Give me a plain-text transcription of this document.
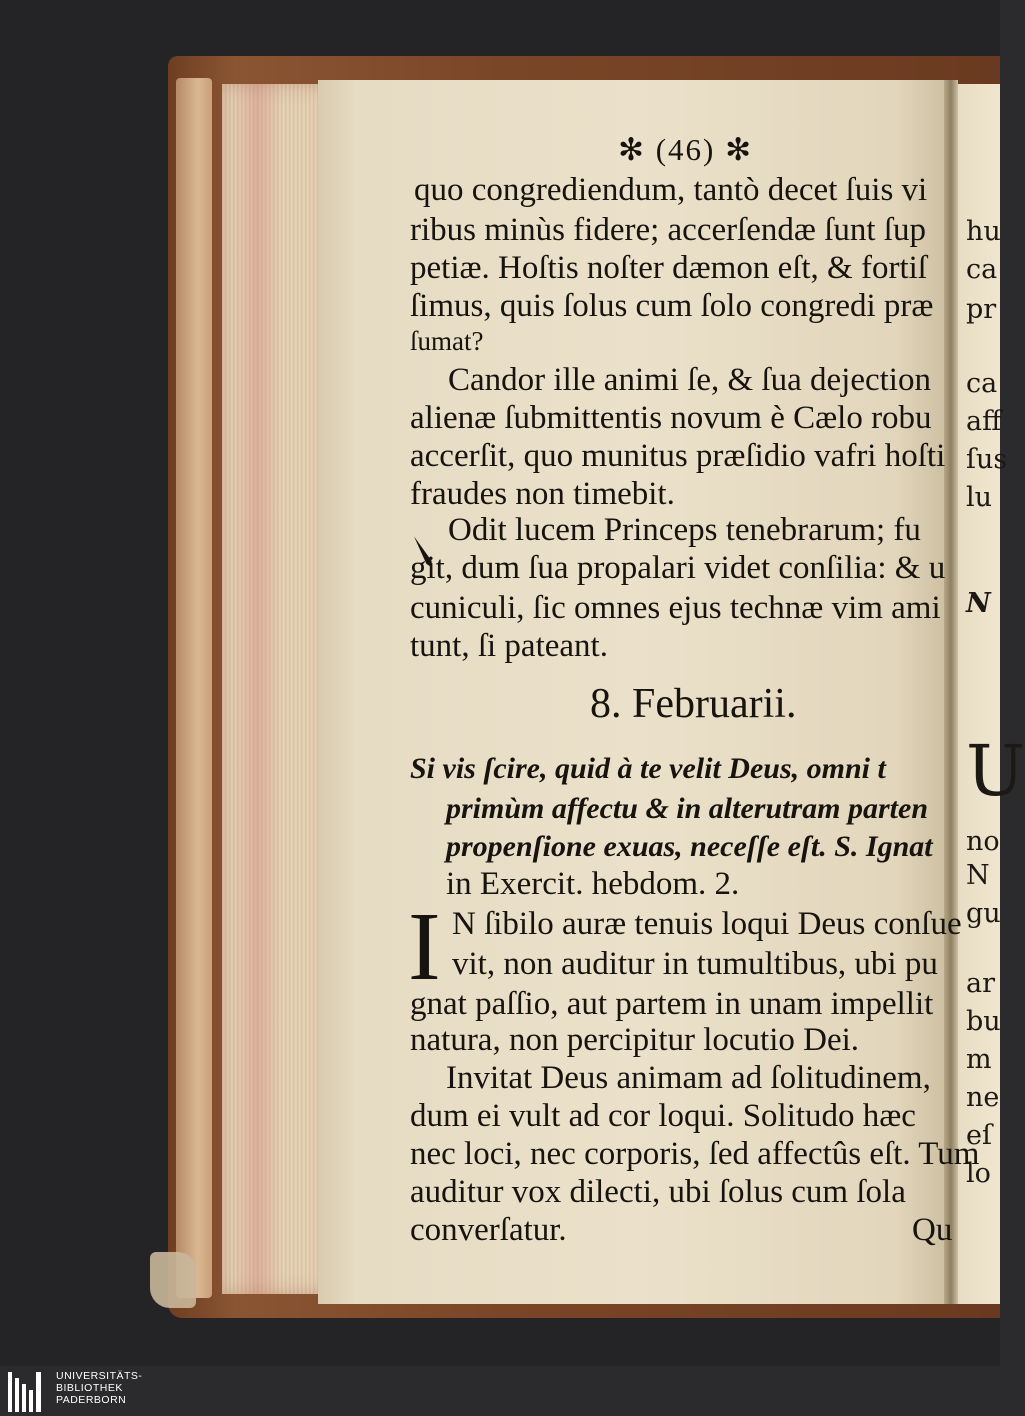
hu
ca
pr
ca
aff
ſus
lu
N
U
no
N
gu
ar
bu
m
ne
eſ
lo
✻ (46) ✻
quo congrediendum, tantò decet ſuis vi
ribus minùs fidere; accerſendæ ſunt ſup
petiæ. Hoſtis noſter dæmon eſt, & fortiſ
ſimus, quis ſolus cum ſolo congredi præ
ſumat?
Candor ille animi ſe, & ſua dejection
alienæ ſubmittentis novum è Cælo robu
accerſit, quo munitus præſidio vafri hoſti
fraudes non timebit.
Odit lucem Princeps tenebrarum; fu
git, dum ſua propalari videt conſilia: & u
cuniculi, ſic omnes ejus technæ vim ami
tunt, ſi pateant.
8. Februarii.
Si vis ſcire, quid à te velit Deus, omni t
primùm affectu & in alterutram parten
propenſione exuas, neceſſe eſt. S. Ignat
in Exercit. hebdom. 2.
I N ſibilo auræ tenuis loqui Deus conſue
vit, non auditur in tumultibus, ubi pu
gnat paſſio, aut partem in unam impellit
natura, non percipitur locutio Dei.
Invitat Deus animam ad ſolitudinem,
dum ei vult ad cor loqui. Solitudo hæc
nec loci, nec corporis, ſed affectûs eſt. Tum
auditur vox dilecti, ubi ſolus cum ſola
converſatur.	Qu
UNIVERSITÄTS-
BIBLIOTHEK
PADERBORN
